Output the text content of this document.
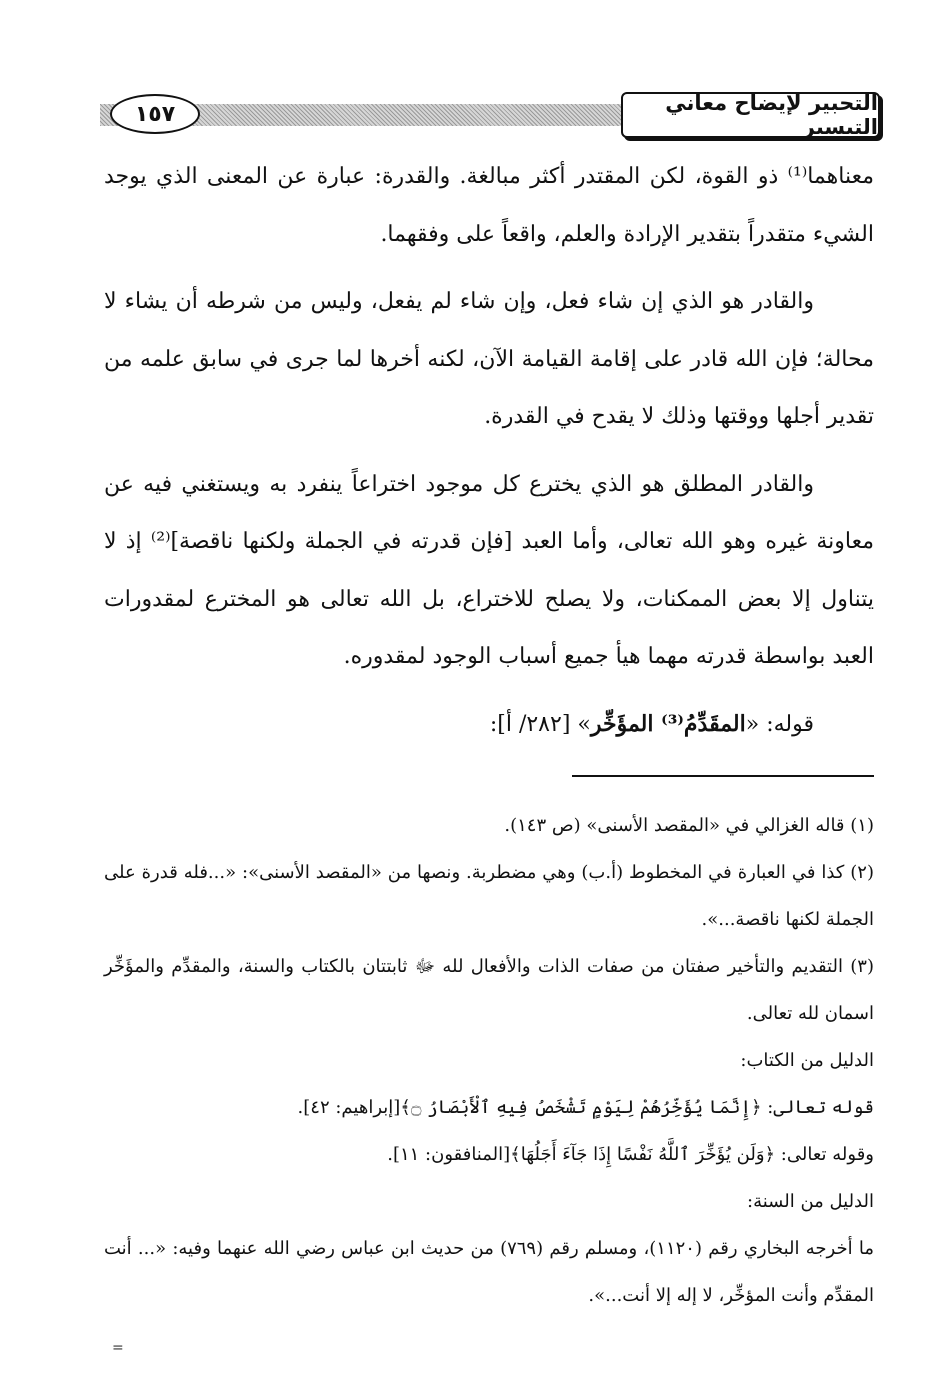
١٥٧	التحبير لإيضاح معاني التيسير

معناهما⁽¹⁾ ذو القوة، لكن المقتدر أكثر مبالغة. والقدرة: عبارة عن المعنى الذي يوجد الشيء متقدراً بتقدير الإرادة والعلم، واقعاً على وفقهما.

والقادر هو الذي إن شاء فعل، وإن شاء لم يفعل، وليس من شرطه أن يشاء لا محالة؛ فإن الله قادر على إقامة القيامة الآن، لكنه أخرها لما جرى في سابق علمه من تقدير أجلها ووقتها وذلك لا يقدح في القدرة.

والقادر المطلق هو الذي يخترع كل موجود اختراعاً ينفرد به ويستغني فيه عن معاونة غيره وهو الله تعالى، وأما العبد [فإن قدرته في الجملة ولكنها ناقصة]⁽²⁾ إذ لا يتناول إلا بعض الممكنات، ولا يصلح للاختراع، بل الله تعالى هو المخترع لمقدورات العبد بواسطة قدرته مهما هيأ جميع أسباب الوجود لمقدوره.

قوله: «المقَدِّمُ⁽³⁾ المؤَخِّر» [٢٨٢/ أ]:

(١) قاله الغزالي في «المقصد الأسنى» (ص ١٤٣).

(٢) كذا في العبارة في المخطوط (أ.ب) وهي مضطربة. ونصها من «المقصد الأسنى»: «...فله قدرة على الجملة لكنها ناقصة...».

(٣) التقديم والتأخير صفتان من صفات الذات والأفعال لله ﷻ ثابتتان بالكتاب والسنة، والمقدِّم والمؤَخِّر اسمان لله تعالى.

الدليل من الكتاب:

قوله تعالى: ﴿إِنَّمَا يُؤَخِّرُهُمْ لِيَوْمٍ تَشْخَصُ فِيهِ ٱلْأَبْصَارُ ۝﴾[إبراهيم: ٤٢].

وقوله تعالى: ﴿وَلَن يُؤَخِّرَ ٱللَّهُ نَفْسًا إِذَا جَآءَ أَجَلُهَا﴾[المنافقون: ١١].

الدليل من السنة:

ما أخرجه البخاري رقم (١١٢٠)، ومسلم رقم (٧٦٩) من حديث ابن عباس رضي الله عنهما وفيه: «... أنت المقدِّم وأنت المؤخِّر، لا إله إلا أنت...».

=
